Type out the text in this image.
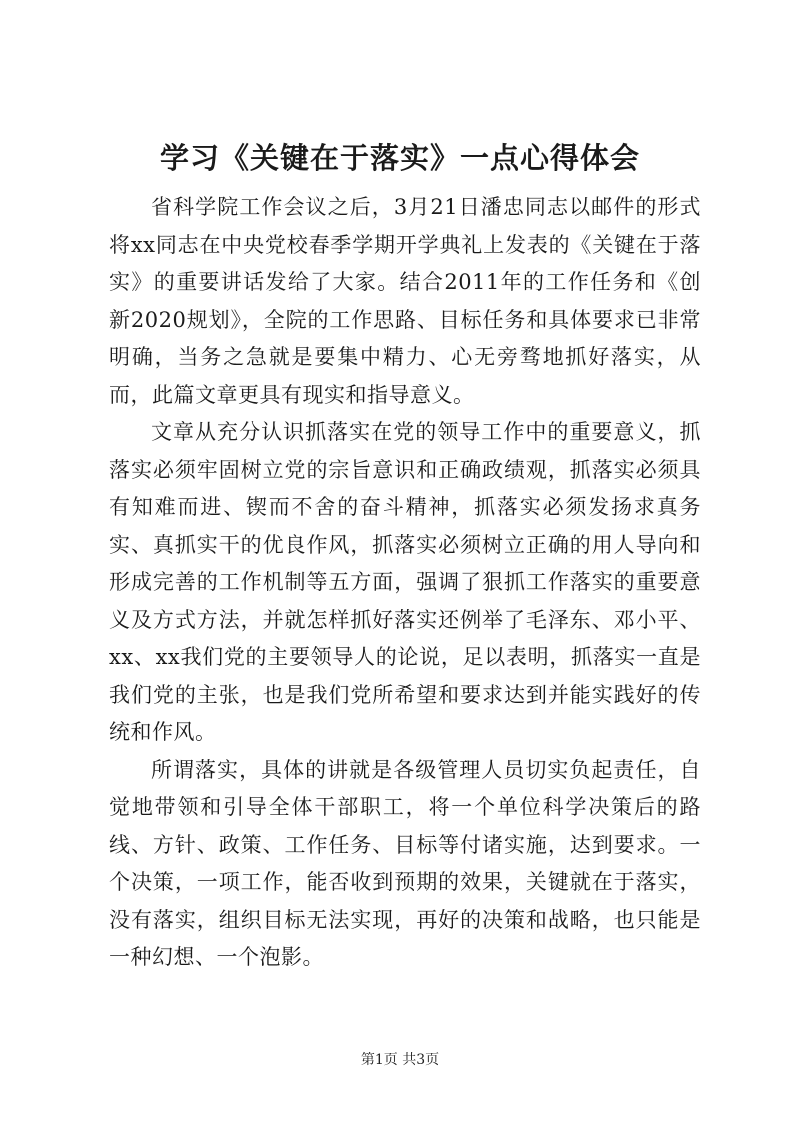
学习《关键在于落实》一点心得体会

省科学院工作会议之后，3月21日潘忠同志以邮件的形式将xx同志在中央党校春季学期开学典礼上发表的《关键在于落实》的重要讲话发给了大家。结合2011年的工作任务和《创新2020规划》，全院的工作思路、目标任务和具体要求已非常明确，当务之急就是要集中精力、心无旁骛地抓好落实，从而，此篇文章更具有现实和指导意义。

文章从充分认识抓落实在党的领导工作中的重要意义，抓落实必须牢固树立党的宗旨意识和正确政绩观，抓落实必须具有知难而进、锲而不舍的奋斗精神，抓落实必须发扬求真务实、真抓实干的优良作风，抓落实必须树立正确的用人导向和形成完善的工作机制等五方面，强调了狠抓工作落实的重要意义及方式方法，并就怎样抓好落实还例举了毛泽东、邓小平、xx、xx我们党的主要领导人的论说，足以表明，抓落实一直是我们党的主张，也是我们党所希望和要求达到并能实践好的传统和作风。

所谓落实，具体的讲就是各级管理人员切实负起责任，自觉地带领和引导全体干部职工，将一个单位科学决策后的路线、方针、政策、工作任务、目标等付诸实施，达到要求。一个决策，一项工作，能否收到预期的效果，关键就在于落实，没有落实，组织目标无法实现，再好的决策和战略，也只能是一种幻想、一个泡影。

第1页 共3页
